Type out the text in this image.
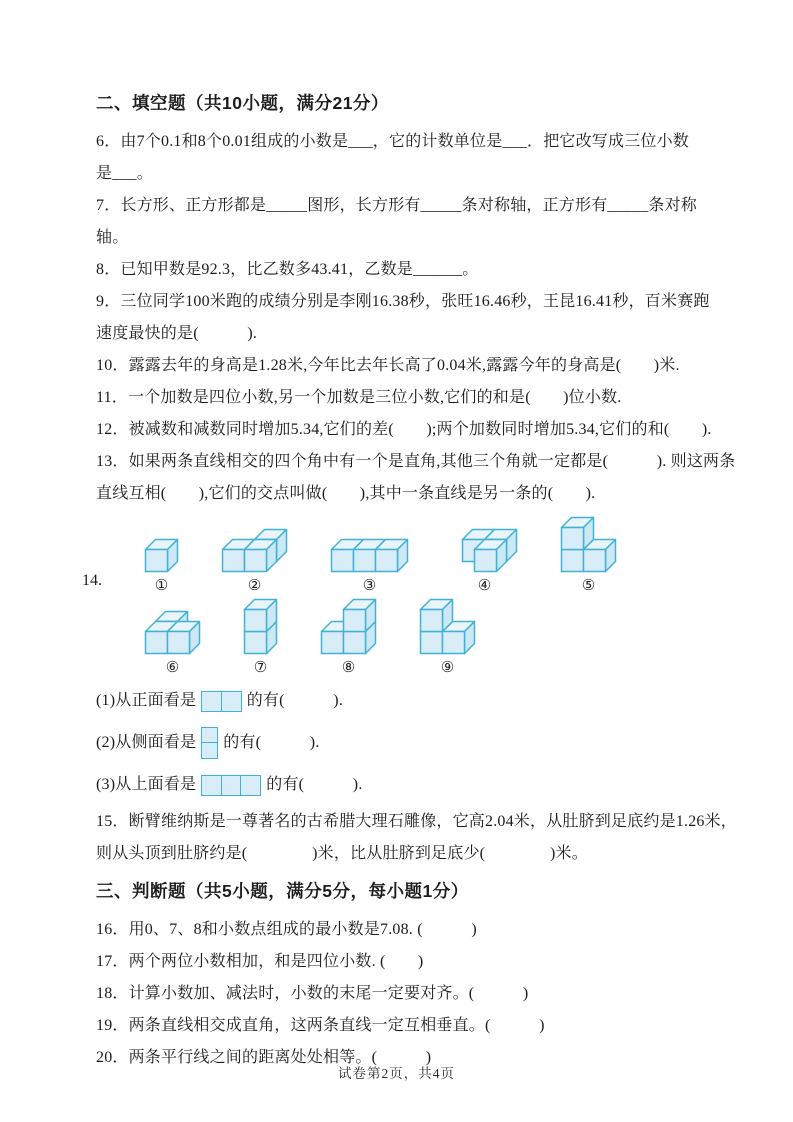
二、填空题（共10小题，满分21分）
6．由7个0.1和8个0.01组成的小数是___，它的计数单位是___．把它改写成三位小数
是___。
7．长方形、正方形都是_____图形，长方形有_____条对称轴，正方形有_____条对称
轴。
8．已知甲数是92.3，比乙数多43.41，乙数是______。
9．三位同学100米跑的成绩分别是李刚16.38秒，张旺16.46秒，王昆16.41秒，百米赛跑
速度最快的是(　　　).
10．露露去年的身高是1.28米,今年比去年长高了0.04米,露露今年的身高是(　　)米.
11．一个加数是四位小数,另一个加数是三位小数,它们的和是(　　)位小数.
12．被减数和减数同时增加5.34,它们的差(　　);两个加数同时增加5.34,它们的和(　　).
13．如果两条直线相交的四个角中有一个是直角,其他三个角就一定都是(　　　). 则这两条
直线互相(　　),它们的交点叫做(　　),其中一条直线是另一条的(　　).
14.	①	②	③	④	⑤
⑥	⑦	⑧	⑨
(1)从正面看是	的有(　　　).
(2)从侧面看是 的有(　　　).
(3)从上面看是	的有(　　　).
15．断臂维纳斯是一尊著名的古希腊大理石雕像，它高2.04米，从肚脐到足底约是1.26米，
则从头顶到肚脐约是(　　　　)米，比从肚脐到足底少(　　　　)米。
三、判断题（共5小题，满分5分，每小题1分）
16．用0、7、8和小数点组成的最小数是7.08. (　　　)
17．两个两位小数相加，和是四位小数. (　　)
18．计算小数加、减法时，小数的末尾一定要对齐。(　　　)
19．两条直线相交成直角，这两条直线一定互相垂直。(　　　)
20．两条平行线之间的距离处处相等。(　　　)
试卷第2页，共4页
